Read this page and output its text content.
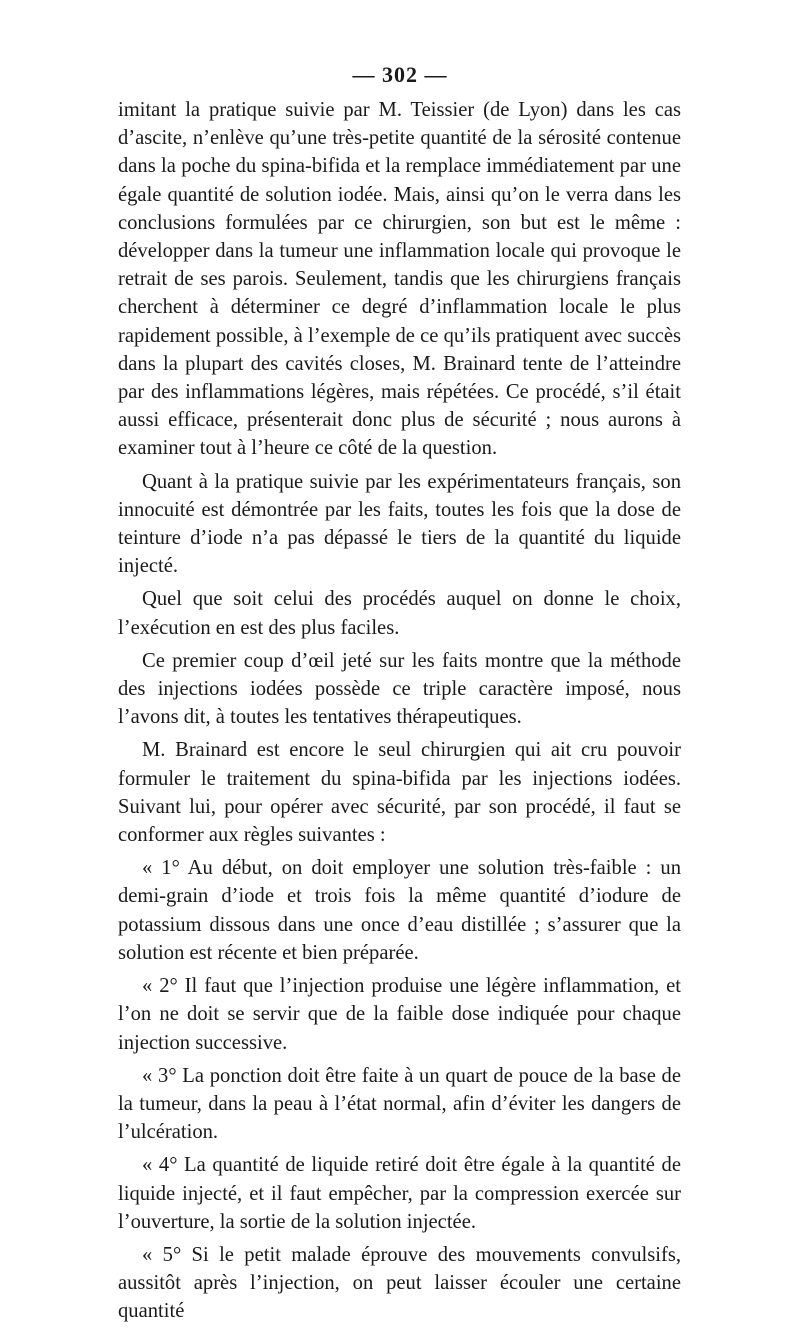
— 302 —

imitant la pratique suivie par M. Teissier (de Lyon) dans les cas d’ascite, n’enlève qu’une très-petite quantité de la sérosité contenue dans la poche du spina-bifida et la remplace immédiatement par une égale quantité de solution iodée. Mais, ainsi qu’on le verra dans les conclusions formulées par ce chirurgien, son but est le même : développer dans la tumeur une inflammation locale qui provoque le retrait de ses parois. Seulement, tandis que les chirurgiens français cherchent à déterminer ce degré d’inflammation locale le plus rapidement possible, à l’exemple de ce qu’ils pratiquent avec succès dans la plupart des cavités closes, M. Brainard tente de l’atteindre par des inflammations légères, mais répétées. Ce procédé, s’il était aussi efficace, présenterait donc plus de sécurité ; nous aurons à examiner tout à l’heure ce côté de la question.

Quant à la pratique suivie par les expérimentateurs français, son innocuité est démontrée par les faits, toutes les fois que la dose de teinture d’iode n’a pas dépassé le tiers de la quantité du liquide injecté.

Quel que soit celui des procédés auquel on donne le choix, l’exécution en est des plus faciles.

Ce premier coup d’œil jeté sur les faits montre que la méthode des injections iodées possède ce triple caractère imposé, nous l’avons dit, à toutes les tentatives thérapeutiques.

M. Brainard est encore le seul chirurgien qui ait cru pouvoir formuler le traitement du spina-bifida par les injections iodées. Suivant lui, pour opérer avec sécurité, par son procédé, il faut se conformer aux règles suivantes :

« 1° Au début, on doit employer une solution très-faible : un demi-grain d’iode et trois fois la même quantité d’iodure de potassium dissous dans une once d’eau distillée ; s’assurer que la solution est récente et bien préparée.

« 2° Il faut que l’injection produise une légère inflammation, et l’on ne doit se servir que de la faible dose indiquée pour chaque injection successive.

« 3° La ponction doit être faite à un quart de pouce de la base de la tumeur, dans la peau à l’état normal, afin d’éviter les dangers de l’ulcération.

« 4° La quantité de liquide retiré doit être égale à la quantité de liquide injecté, et il faut empêcher, par la compression exercée sur l’ouverture, la sortie de la solution injectée.

« 5° Si le petit malade éprouve des mouvements convulsifs, aussitôt après l’injection, on peut laisser écouler une certaine quantité
